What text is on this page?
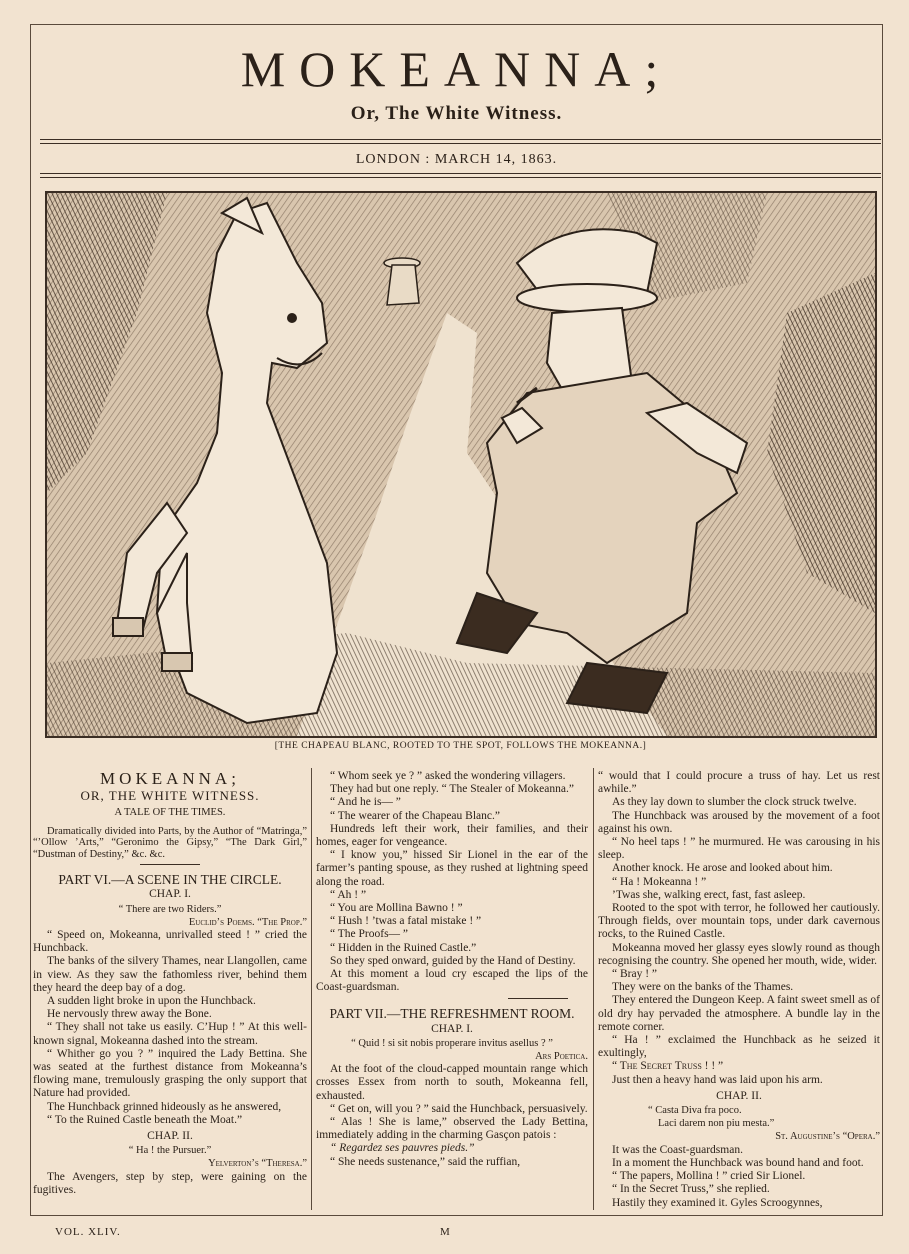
MOKEANNA;
Or, The White Witness.
LONDON : MARCH 14, 1863.
[THE CHAPEAU BLANC, ROOTED TO THE SPOT, FOLLOWS THE MOKEANNA.]
MOKEANNA;
OR, THE WHITE WITNESS.

A TALE OF THE TIMES.

Dramatically divided into Parts, by the Author of “Matringa,” “’Ollow ’Arts,” “Geronimo the Gipsy,” “The Dark Girl,” “Dustman of Destiny,” &c. &c.

PART VI.—A SCENE IN THE CIRCLE.
CHAP. I.

“ There are two Riders.”

Euclid’s Poems. “The Prop.”

“ Speed on, Mokeanna, unrivalled steed ! ” cried the Hunchback.

The banks of the silvery Thames, near Llangollen, came in view. As they saw the fathomless river, behind them they heard the deep bay of a dog.

A sudden light broke in upon the Hunchback.

He nervously threw away the Bone.

“ They shall not take us easily. C’Hup ! ” At this well-known signal, Mokeanna dashed into the stream.

“ Whither go you ? ” inquired the Lady Bettina. She was seated at the furthest distance from Mokeanna’s flowing mane, tremulously grasping the only support that Nature had provided.

The Hunchback grinned hideously as he answered,

“ To the Ruined Castle beneath the Moat.”

CHAP. II.

“ Ha ! the Pursuer.”

Yelverton’s “Theresa.”

The Avengers, step by step, were gaining on the fugitives.

“ Whom seek ye ? ” asked the wondering villagers.

They had but one reply. “ The Stealer of Mokeanna.”

“ And he is— ”

“ The wearer of the Chapeau Blanc.”

Hundreds left their work, their families, and their homes, eager for vengeance.

“ I know you,” hissed Sir Lionel in the ear of the farmer’s panting spouse, as they rushed at lightning speed along the road.

“ Ah ! ”

“ You are Mollina Bawno ! ”

“ Hush ! ’twas a fatal mistake ! ”

“ The Proofs— ”

“ Hidden in the Ruined Castle.”

So they sped onward, guided by the Hand of Destiny.

At this moment a loud cry escaped the lips of the Coast-guardsman.

PART VII.—THE REFRESHMENT ROOM.
CHAP. I.

“ Quid ! si sit nobis properare invitus asellus ? ”

Ars Poetica.

At the foot of the cloud-capped mountain range which crosses Essex from north to south, Mokeanna fell, exhausted.

“ Get on, will you ? ” said the Hunchback, persuasively.

“ Alas ! She is lame,” observed the Lady Bettina, immediately adding in the charming Gasçon patois :

“ Regardez ses pauvres pieds.”

“ She needs sustenance,” said the ruffian,

“ would that I could procure a truss of hay. Let us rest awhile.”

As they lay down to slumber the clock struck twelve.

The Hunchback was aroused by the movement of a foot against his own.

“ No heel taps ! ” he murmured. He was carousing in his sleep.

Another knock. He arose and looked about him.

“ Ha ! Mokeanna ! ”

’Twas she, walking erect, fast, fast asleep.

Rooted to the spot with terror, he followed her cautiously. Through fields, over mountain tops, under dark cavernous rocks, to the Ruined Castle.

Mokeanna moved her glassy eyes slowly round as though recognising the country. She opened her mouth, wide, wider.

“ Bray ! ”

They were on the banks of the Thames.

They entered the Dungeon Keep. A faint sweet smell as of old dry hay pervaded the atmosphere. A bundle lay in the remote corner.

“ Ha ! ” exclaimed the Hunchback as he seized it exultingly,

“ The Secret Truss ! ! ”

Just then a heavy hand was laid upon his arm.

CHAP. II.

“ Casta Diva fra poco.

Laci darem non piu mesta.”

St. Augustine’s “Opera.”

It was the Coast-guardsman.

In a moment the Hunchback was bound hand and foot.

“ The papers, Mollina ! ” cried Sir Lionel.

“ In the Secret Truss,” she replied.

Hastily they examined it. Gyles Scroogynnes,

VOL. XLIV.	M
